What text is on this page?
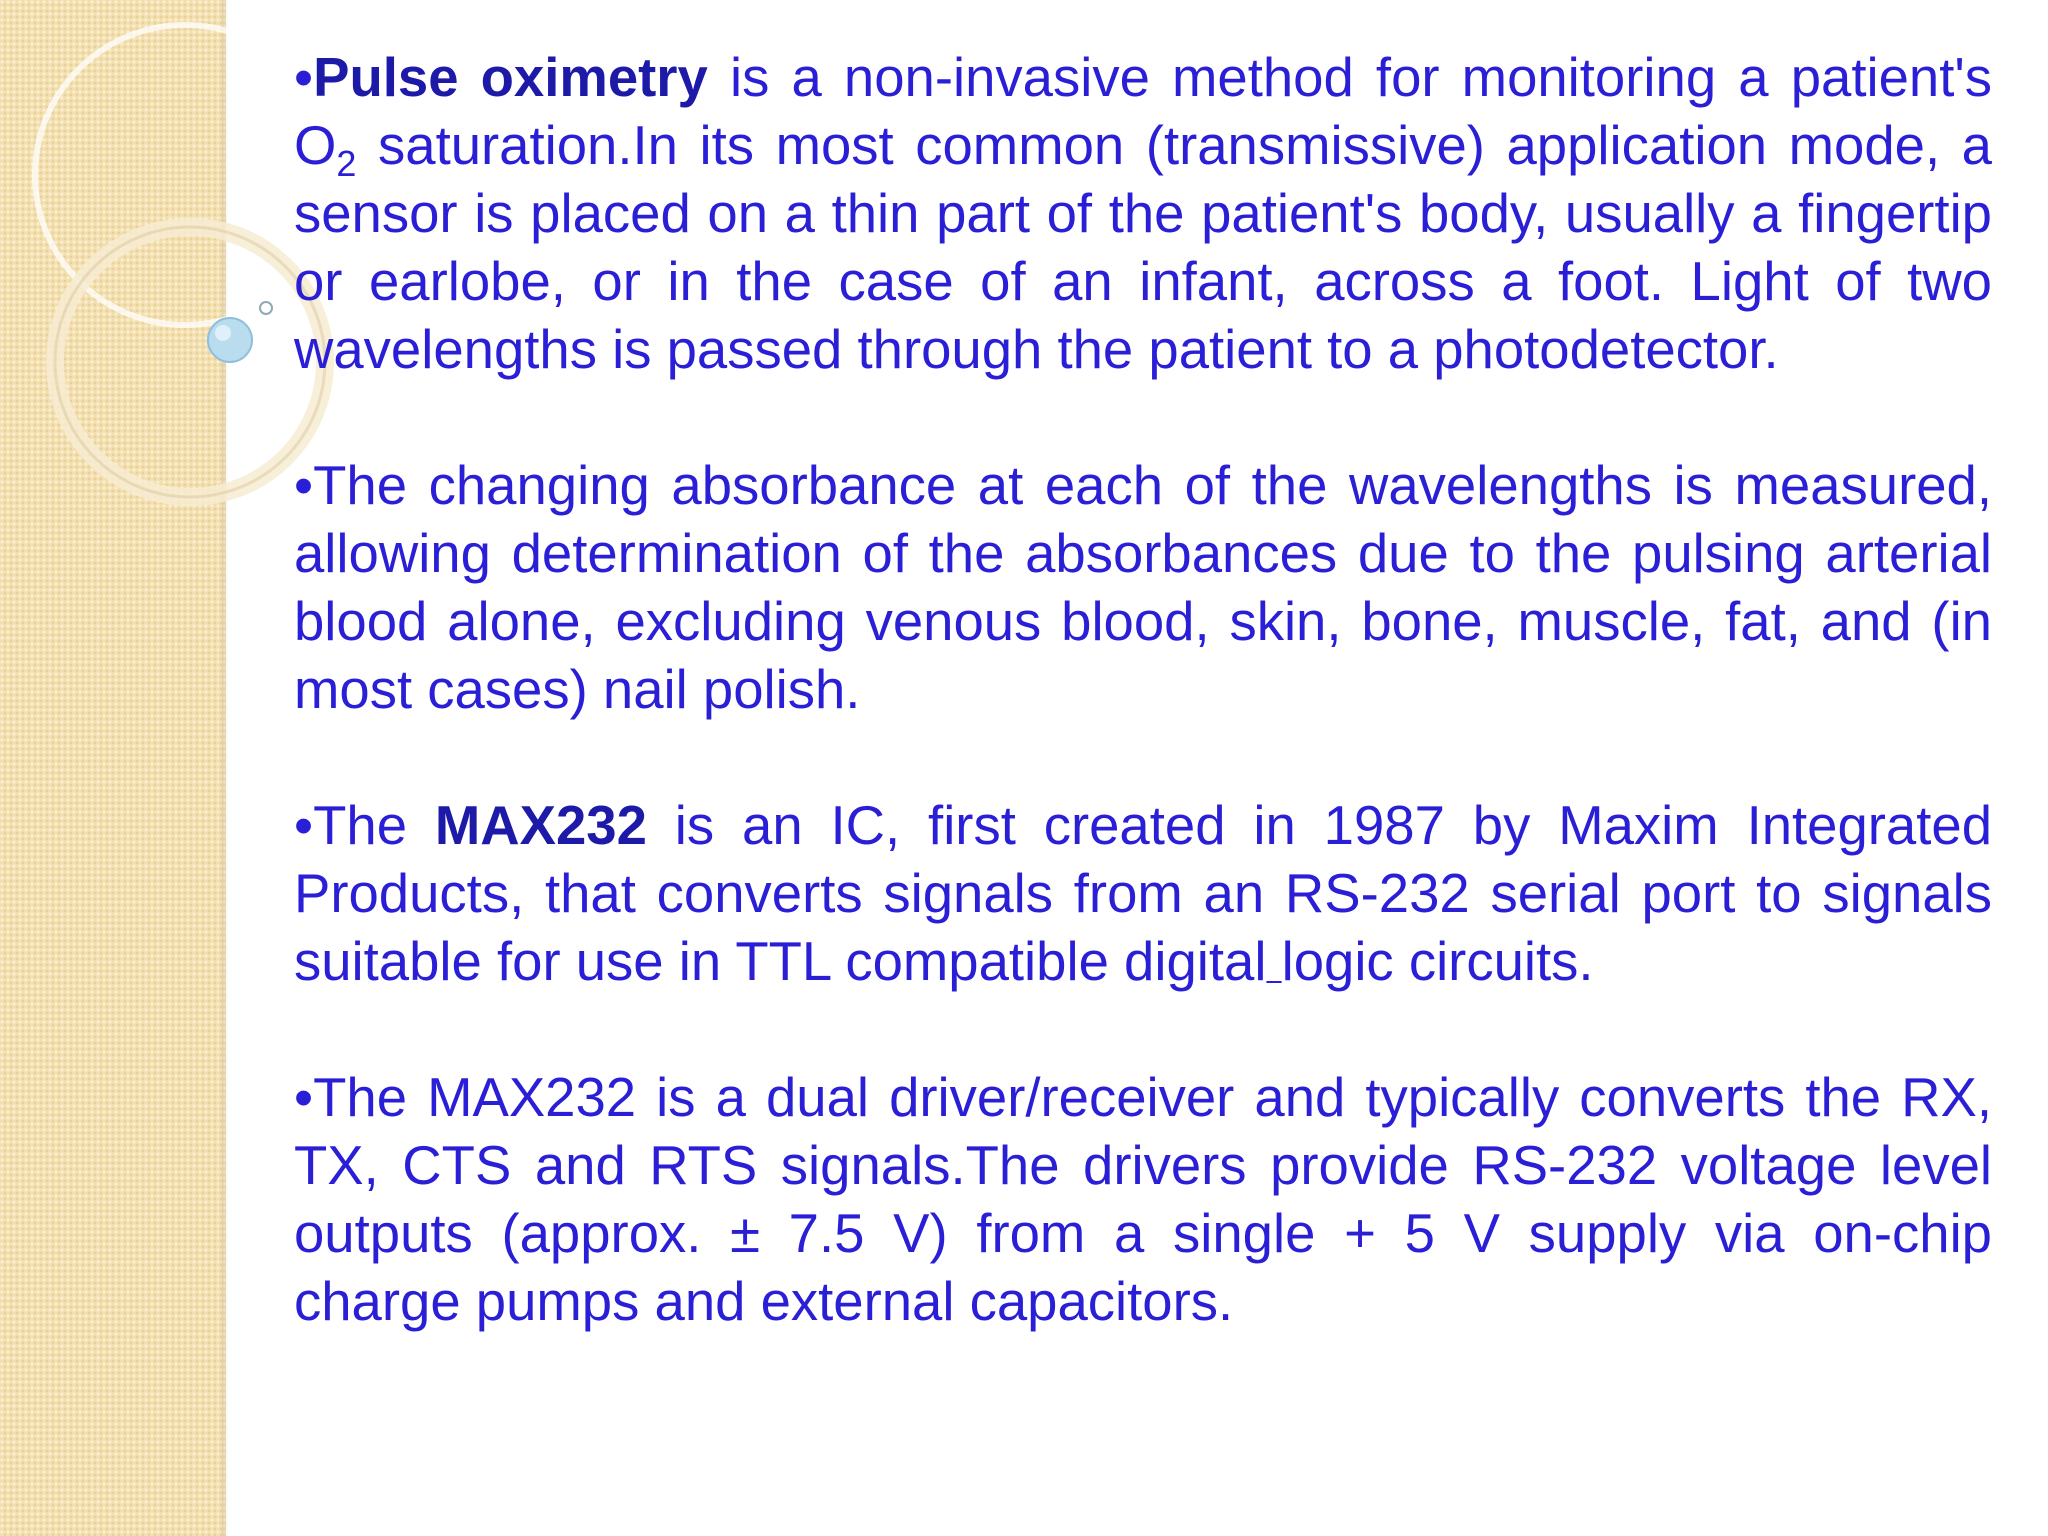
•Pulse oximetry is a non-invasive method for monitoring a patient's $O_2$ saturation.In its most common (transmissive) application mode, a sensor is placed on a thin part of the patient's body, usually a fingertip or earlobe, or in the case of an infant, across a foot. Light of two wavelengths is passed through the patient to a photodetector.

•The changing absorbance at each of the wavelengths is measured, allowing determination of the absorbances due to the pulsing arterial blood alone, excluding venous blood, skin, bone, muscle, fat, and (in most cases) nail polish.

•The MAX232 is an IC, first created in 1987 by Maxim Integrated Products, that converts signals from an RS-232 serial port to signals suitable for use in TTL compatible digital logic circuits.

•The MAX232 is a dual driver/receiver and typically converts the RX, TX, CTS and RTS signals.The drivers provide RS-232 voltage level outputs (approx. ± 7.5 V) from a single + 5 V supply via on-chip charge pumps and external capacitors.
